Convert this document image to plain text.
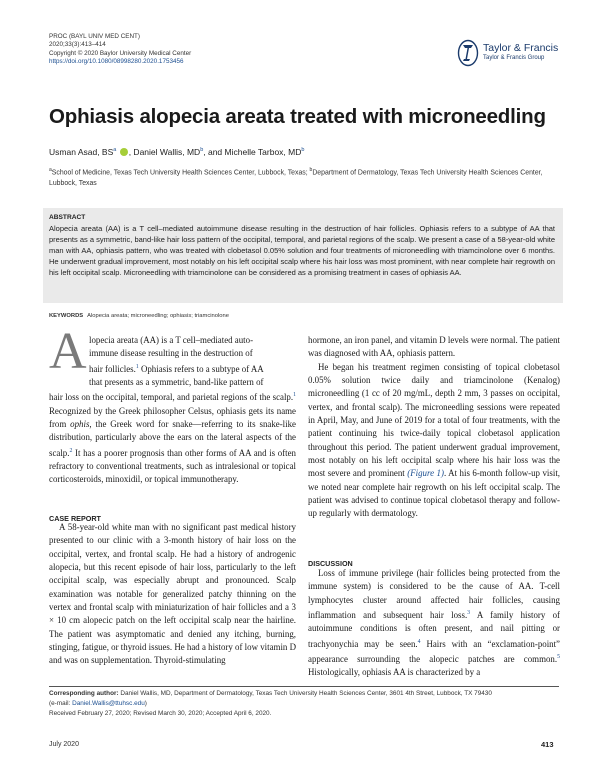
PROC (BAYL UNIV MED CENT)
2020;33(3):413–414
Copyright © 2020 Baylor University Medical Center
https://doi.org/10.1080/08998280.2020.1753456
Taylor & Francis
Taylor & Francis Group
Ophiasis alopecia areata treated with microneedling
Usman Asad, $BS^a$ , Daniel Wallis, $MD^b$, and Michelle Tarbox, $MD^b$
$^a$School of Medicine, Texas Tech University Health Sciences Center, Lubbock, Texas; $^b$Department of Dermatology, Texas Tech University Health Sciences Center, Lubbock, Texas
ABSTRACT
Alopecia areata (AA) is a T cell–mediated autoimmune disease resulting in the destruction of hair follicles. Ophiasis refers to a subtype of AA that presents as a symmetric, band-like hair loss pattern of the occipital, temporal, and parietal regions of the scalp. We present a case of a 58-year-old white man with AA, ophiasis pattern, who was treated with clobetasol 0.05% solution and four treatments of microneedling with triamcinolone over 6 months. He underwent gradual improvement, most notably on his left occipital scalp where his hair loss was most prominent, with near complete hair regrowth on his left occipital scalp. Microneedling with triamcinolone can be considered as a promising treatment in cases of ophiasis AA.
KEYWORDS Alopecia areata; microneedling; ophiasis; triamcinolone
A lopecia areata (AA) is a T cell–mediated auto-
immune disease resulting in the destruction of
hair follicles.$^1$ Ophiasis refers to a subtype of AA
that presents as a symmetric, band-like pattern of

hair loss on the occipital, temporal, and parietal regions of the scalp.$^1$ Recognized by the Greek philosopher Celsus, ophiasis gets its name from ophis, the Greek word for snake—referring to its snake-like distribution, particularly above the ears on the lateral aspects of the scalp.$^2$ It has a poorer prognosis than other forms of AA and is often refractory to conventional treatments, such as intralesional or topical corticosteroids, minoxidil, or topical immunotherapy.

CASE REPORT

A 58-year-old white man with no significant past medical history presented to our clinic with a 3-month history of hair loss on the occipital, vertex, and frontal scalp. He had a history of androgenic alopecia, but this recent episode of hair loss, particularly to the left occipital scalp, was especially abrupt and pronounced. Scalp examination was notable for generalized patchy thinning on the vertex and frontal scalp with miniaturization of hair follicles and a 3 × 10 cm alopecic patch on the left occipital scalp near the hairline. The patient was asymptomatic and denied any itching, burning, stinging, fatigue, or thyroid issues. He had a history of low vitamin D and was on supplementation. Thyroid-stimulating

hormone, an iron panel, and vitamin D levels were normal. The patient was diagnosed with AA, ophiasis pattern.

He began his treatment regimen consisting of topical clobetasol 0.05% solution twice daily and triamcinolone (Kenalog) microneedling (1 cc of 20 mg/mL, depth 2 mm, 3 passes on occipital, vertex, and frontal scalp). The microneedling sessions were repeated in April, May, and June of 2019 for a total of four treatments, with the patient continuing his twice-daily topical clobetasol application throughout this period. The patient underwent gradual improvement, most notably on his left occipital scalp where his hair loss was the most severe and prominent (Figure 1). At his 6-month follow-up visit, we noted near complete hair regrowth on his left occipital scalp. The patient was advised to continue topical clobetasol therapy and follow-up regularly with dermatology.

DISCUSSION

Loss of immune privilege (hair follicles being protected from the immune system) is considered to be the cause of AA. T-cell lymphocytes cluster around affected hair follicles, causing inflammation and subsequent hair loss.$^3$ A family history of autoimmune conditions is often present, and nail pitting or trachyonychia may be seen.$^4$ Hairs with an “exclamation-point” appearance surrounding the alopecic patches are common.$^5$ Histologically, ophiasis AA is characterized by a

Corresponding author: Daniel Wallis, MD, Department of Dermatology, Texas Tech University Health Sciences Center, 3601 4th Street, Lubbock, TX 79430
(e-mail: Daniel.Wallis@ttuhsc.edu)
Received February 27, 2020; Revised March 30, 2020; Accepted April 6, 2020.
July 2020	413
